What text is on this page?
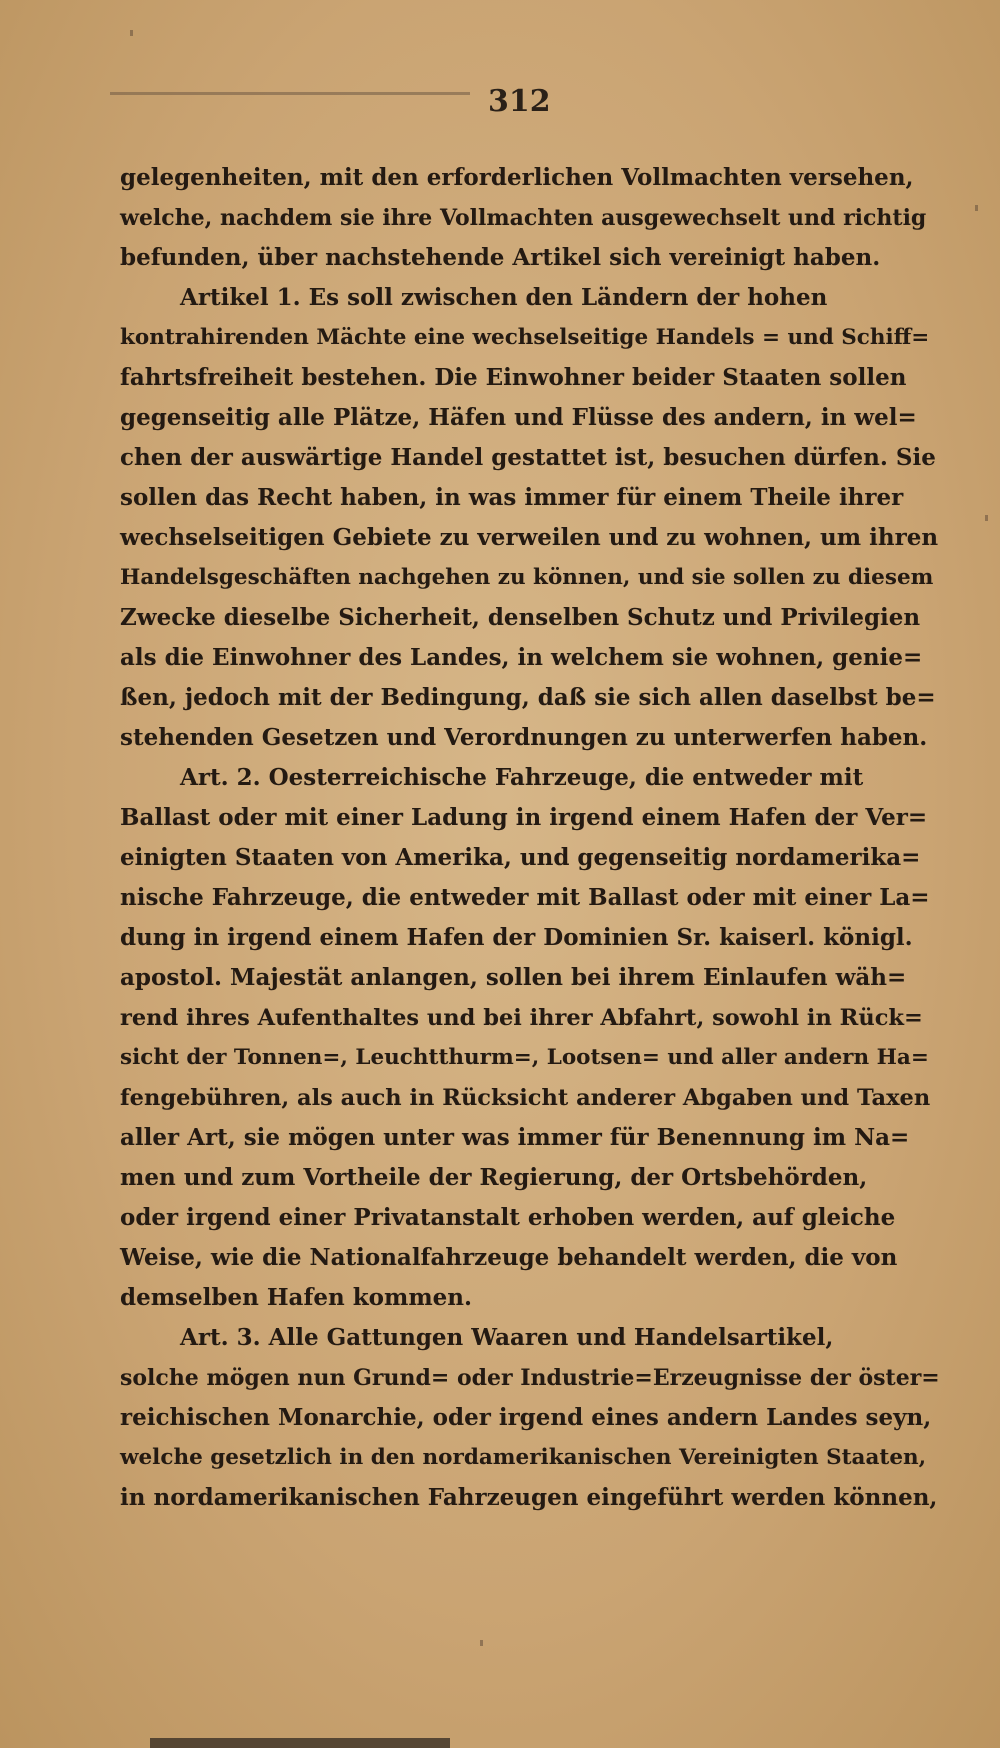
312
gelegenheiten, mit den erforderlichen Vollmachten versehen,
welche, nachdem sie ihre Vollmachten ausgewechselt und richtig
befunden, über nachstehende Artikel sich vereinigt haben.
Artikel 1. Es soll zwischen den Ländern der hohen
kontrahirenden Mächte eine wechselseitige Handels = und Schiff=
fahrtsfreiheit bestehen. Die Einwohner beider Staaten sollen
gegenseitig alle Plätze, Häfen und Flüsse des andern, in wel=
chen der auswärtige Handel gestattet ist, besuchen dürfen. Sie
sollen das Recht haben, in was immer für einem Theile ihrer
wechselseitigen Gebiete zu verweilen und zu wohnen, um ihren
Handelsgeschäften nachgehen zu können, und sie sollen zu diesem
Zwecke dieselbe Sicherheit, denselben Schutz und Privilegien
als die Einwohner des Landes, in welchem sie wohnen, genie=
ßen, jedoch mit der Bedingung, daß sie sich allen daselbst be=
stehenden Gesetzen und Verordnungen zu unterwerfen haben.
Art. 2. Oesterreichische Fahrzeuge, die entweder mit
Ballast oder mit einer Ladung in irgend einem Hafen der Ver=
einigten Staaten von Amerika, und gegenseitig nordamerika=
nische Fahrzeuge, die entweder mit Ballast oder mit einer La=
dung in irgend einem Hafen der Dominien Sr. kaiserl. königl.
apostol. Majestät anlangen, sollen bei ihrem Einlaufen wäh=
rend ihres Aufenthaltes und bei ihrer Abfahrt, sowohl in Rück=
sicht der Tonnen=, Leuchtthurm=, Lootsen= und aller andern Ha=
fengebühren, als auch in Rücksicht anderer Abgaben und Taxen
aller Art, sie mögen unter was immer für Benennung im Na=
men und zum Vortheile der Regierung, der Ortsbehörden,
oder irgend einer Privatanstalt erhoben werden, auf gleiche
Weise, wie die Nationalfahrzeuge behandelt werden, die von
demselben Hafen kommen.
Art. 3. Alle Gattungen Waaren und Handelsartikel,
solche mögen nun Grund= oder Industrie=Erzeugnisse der öster=
reichischen Monarchie, oder irgend eines andern Landes seyn,
welche gesetzlich in den nordamerikanischen Vereinigten Staaten,
in nordamerikanischen Fahrzeugen eingeführt werden können,
